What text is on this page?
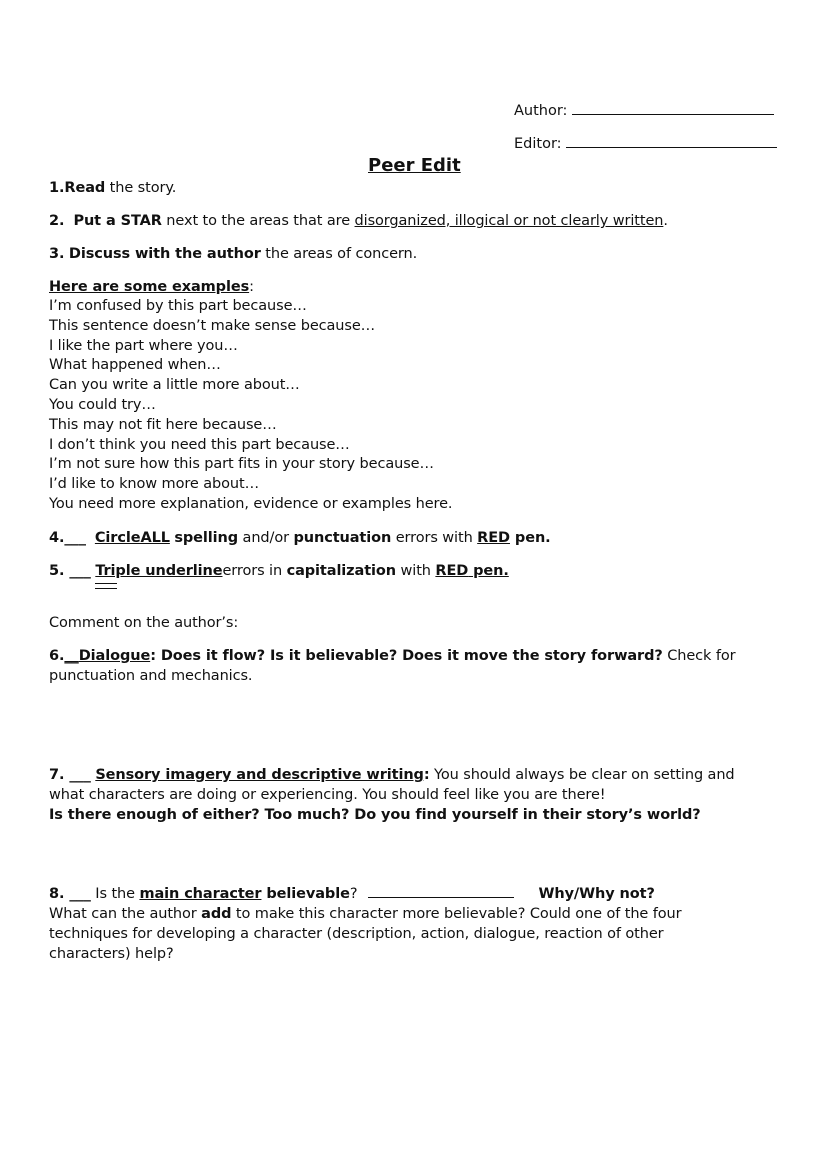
Author:
Editor:
Peer Edit
1.Read the story.
2. Put a STAR next to the areas that are disorganized, illogical or not clearly written.
3. Discuss with the author the areas of concern.
Here are some examples:
I’m confused by this part because…
This sentence doesn’t make sense because…
I like the part where you…
What happened when…
Can you write a little more about…
You could try…
This may not fit here because…
I don’t think you need this part because…
I’m not sure how this part fits in your story because…
I’d like to know more about…
You need more explanation, evidence or examples here.
4.___ CircleALL spelling and/or punctuation errors with RED pen.
5. ___ Triple underlineerrors in capitalization with RED pen.
Comment on the author’s:
6.__Dialogue: Does it flow? Is it believable? Does it move the story forward? Check for
punctuation and mechanics.
7. ___ Sensory imagery and descriptive writing: You should always be clear on setting and
what characters are doing or experiencing. You should feel like you are there!
Is there enough of either? Too much? Do you find yourself in their story’s world?
8. ___ Is the main character believable?	Why/Why not?
What can the author add to make this character more believable? Could one of the four
techniques for developing a character (description, action, dialogue, reaction of other
characters) help?
